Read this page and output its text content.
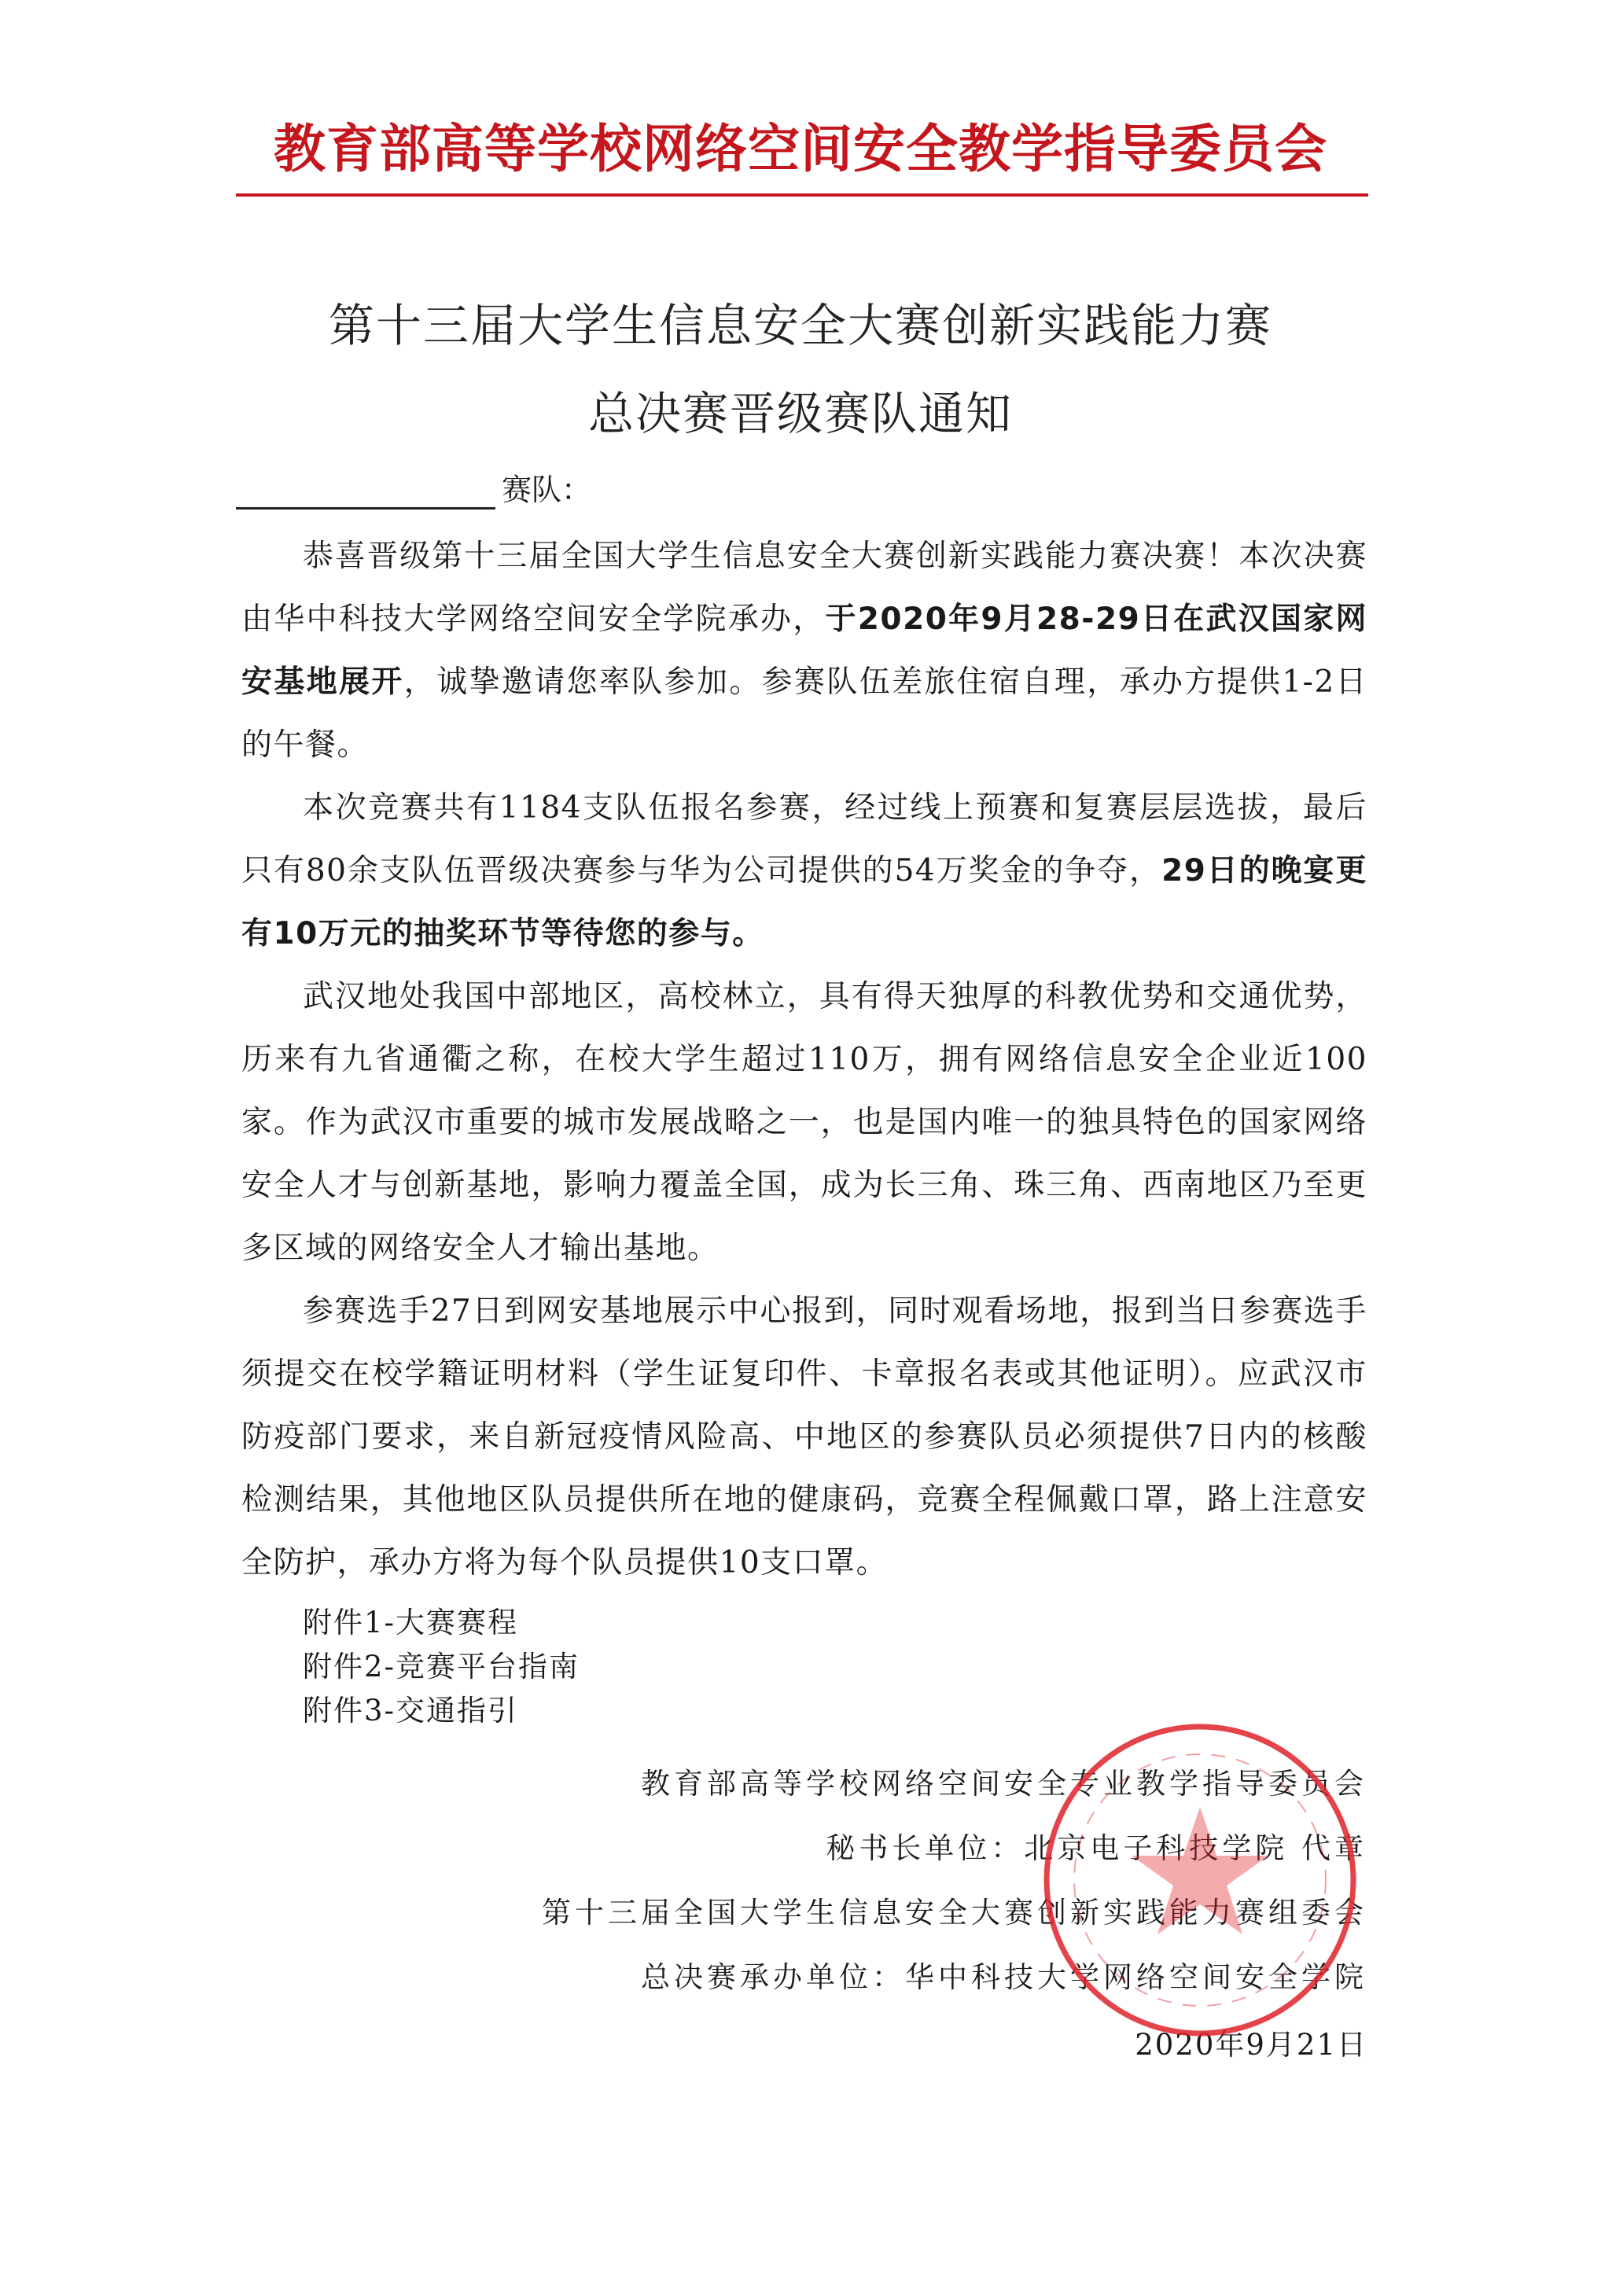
教育部高等学校网络空间安全教学指导委员会
第十三届大学生信息安全大赛创新实践能力赛
总决赛晋级赛队通知
赛队：

恭喜晋级第十三届全国大学生信息安全大赛创新实践能力赛决赛！本次决赛由华中科技大学网络空间安全学院承办，于2020年9月28-29日在武汉国家网安基地展开，诚挚邀请您率队参加。参赛队伍差旅住宿自理，承办方提供1-2日的午餐。

本次竞赛共有1184支队伍报名参赛，经过线上预赛和复赛层层选拔，最后只有80余支队伍晋级决赛参与华为公司提供的54万奖金的争夺，29日的晚宴更有10万元的抽奖环节等待您的参与。

武汉地处我国中部地区，高校林立，具有得天独厚的科教优势和交通优势，历来有九省通衢之称，在校大学生超过110万，拥有网络信息安全企业近100家。作为武汉市重要的城市发展战略之一，也是国内唯一的独具特色的国家网络安全人才与创新基地，影响力覆盖全国，成为长三角、珠三角、西南地区乃至更多区域的网络安全人才输出基地。

参赛选手27日到网安基地展示中心报到，同时观看场地，报到当日参赛选手须提交在校学籍证明材料（学生证复印件、卡章报名表或其他证明）。应武汉市防疫部门要求，来自新冠疫情风险高、中地区的参赛队员必须提供7日内的核酸检测结果，其他地区队员提供所在地的健康码，竞赛全程佩戴口罩，路上注意安全防护，承办方将为每个队员提供10支口罩。

附件1-大赛赛程
附件2-竞赛平台指南
附件3-交通指引
教育部高等学校网络空间安全专业教学指导委员会
秘书长单位：北京电子科技学院 代章
第十三届全国大学生信息安全大赛创新实践能力赛组委会
总决赛承办单位：华中科技大学网络空间安全学院
2020年9月21日
